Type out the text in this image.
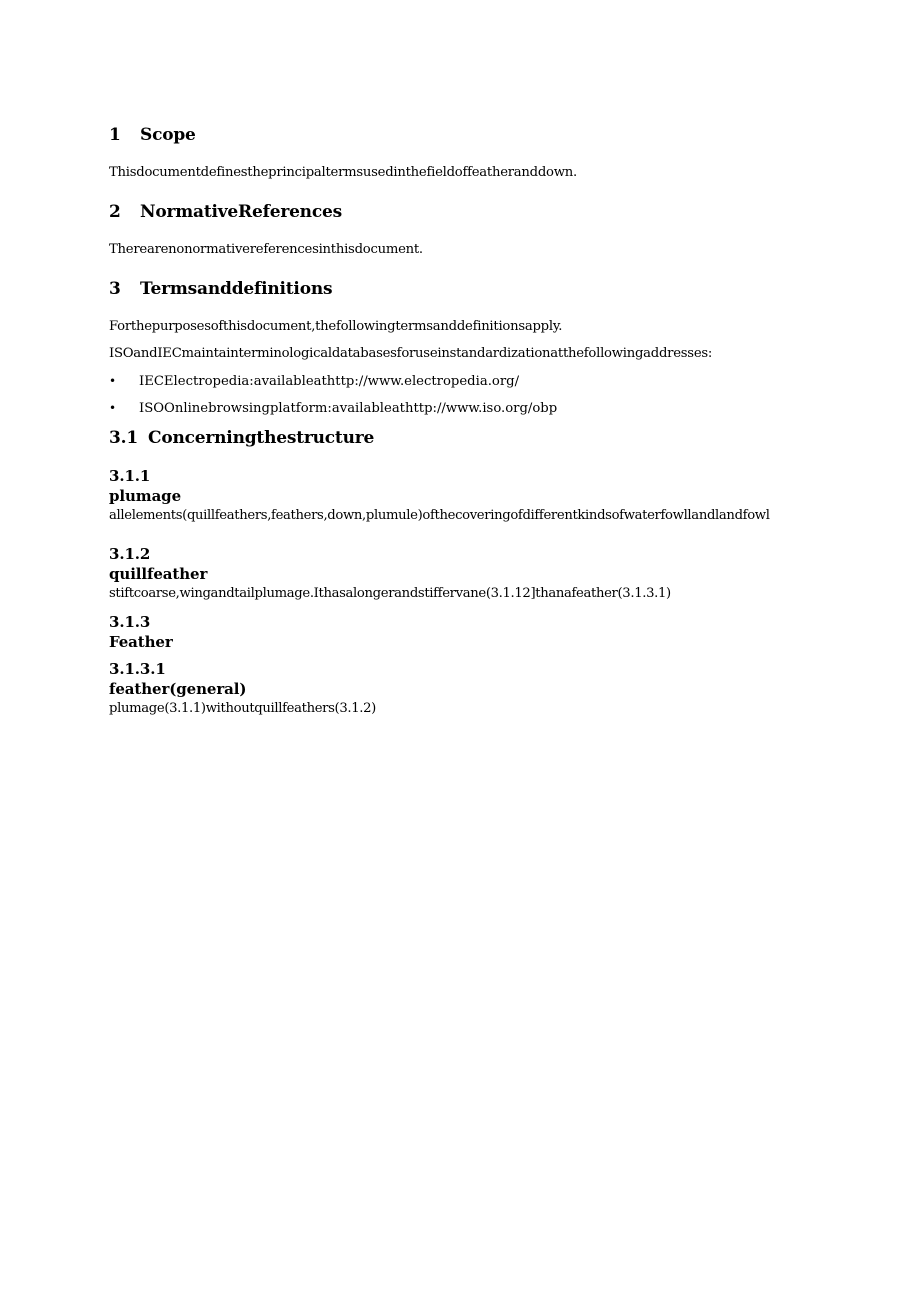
1 Scope
Thisdocumentdefinestheprincipaltermsusedinthefieldoffeatheranddown.
2 NormativeReferences
Therearenonormativereferencesinthisdocument.
3 Termsanddefinitions
Forthepurposesofthisdocument,thefollowingtermsanddefinitionsapply.
ISOandIECmaintainterminologicaldatabasesforuseinstandardizationatthefollowingaddresses:
• IECElectropedia:availableathttp://www.electropedia.org/
• ISOOnlinebrowsingplatform:availableathttp://www.iso.org/obp
3.1 Concerningthestructure
3.1.1
plumage
allelements(quillfeathers,feathers,down,plumule)ofthecoveringofdifferentkindsofwaterfowllandlandfowl
3.1.2
quillfeather
stiftcoarse,wingandtailplumage.Ithasalongerandstiffervane(3.1.12]thanafeather(3.1.3.1)
3.1.3
Feather
3.1.3.1
feather(general)
plumage(3.1.1)withoutquillfeathers(3.1.2)
